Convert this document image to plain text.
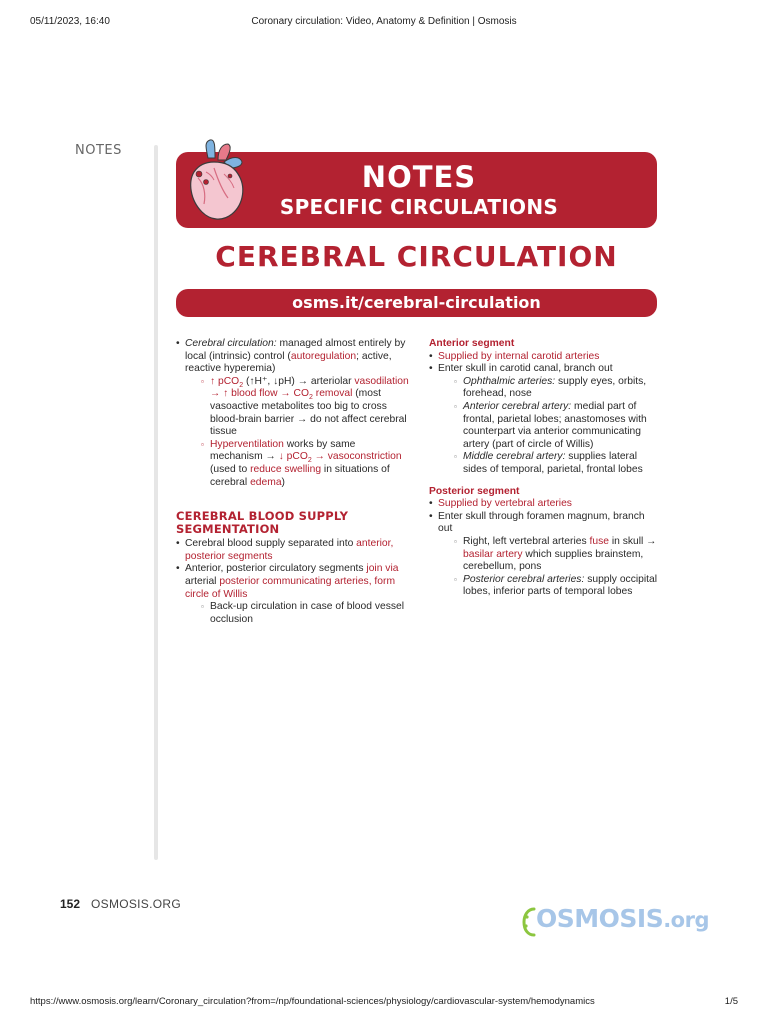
05/11/2023, 16:40	Coronary circulation: Video, Anatomy & Definition | Osmosis
NOTES
NOTES
SPECIFIC CIRCULATIONS
CEREBRAL CIRCULATION
osms.it/cerebral-circulation
• Cerebral circulation: managed almost entirely by local (intrinsic) control (autoregulation; active, reactive hyperemia)
▫ ↑ pCO$_2$ (↑H⁺, ↓pH) → arteriolar vasodilation → ↑ blood flow → $CO_2$ removal (most vasoactive metabolites too big to cross blood-brain barrier → do not affect cerebral tissue
▫ Hyperventilation works by same mechanism → ↓ pCO$_2$ → vasoconstriction (used to reduce swelling in situations of cerebral edema)
CEREBRAL BLOOD SUPPLY SEGMENTATION
• Cerebral blood supply separated into anterior, posterior segments
• Anterior, posterior circulatory segments join via arterial posterior communicating arteries, form circle of Willis
▫ Back-up circulation in case of blood vessel occlusion
Anterior segment
• Supplied by internal carotid arteries
• Enter skull in carotid canal, branch out
▫ Ophthalmic arteries: supply eyes, orbits, forehead, nose
▫ Anterior cerebral artery: medial part of frontal, parietal lobes; anastomoses with counterpart via anterior communicating artery (part of circle of Willis)
▫ Middle cerebral artery: supplies lateral sides of temporal, parietal, frontal lobes
Posterior segment
• Supplied by vertebral arteries
• Enter skull through foramen magnum, branch out
▫ Right, left vertebral arteries fuse in skull → basilar artery which supplies brainstem, cerebellum, pons
▫ Posterior cerebral arteries: supply occipital lobes, inferior parts of temporal lobes
152 OSMOSIS.ORG	OSMOSIS.org
https://www.osmosis.org/learn/Coronary_circulation?from=/np/foundational-sciences/physiology/cardiovascular-system/hemodynamics	1/5
